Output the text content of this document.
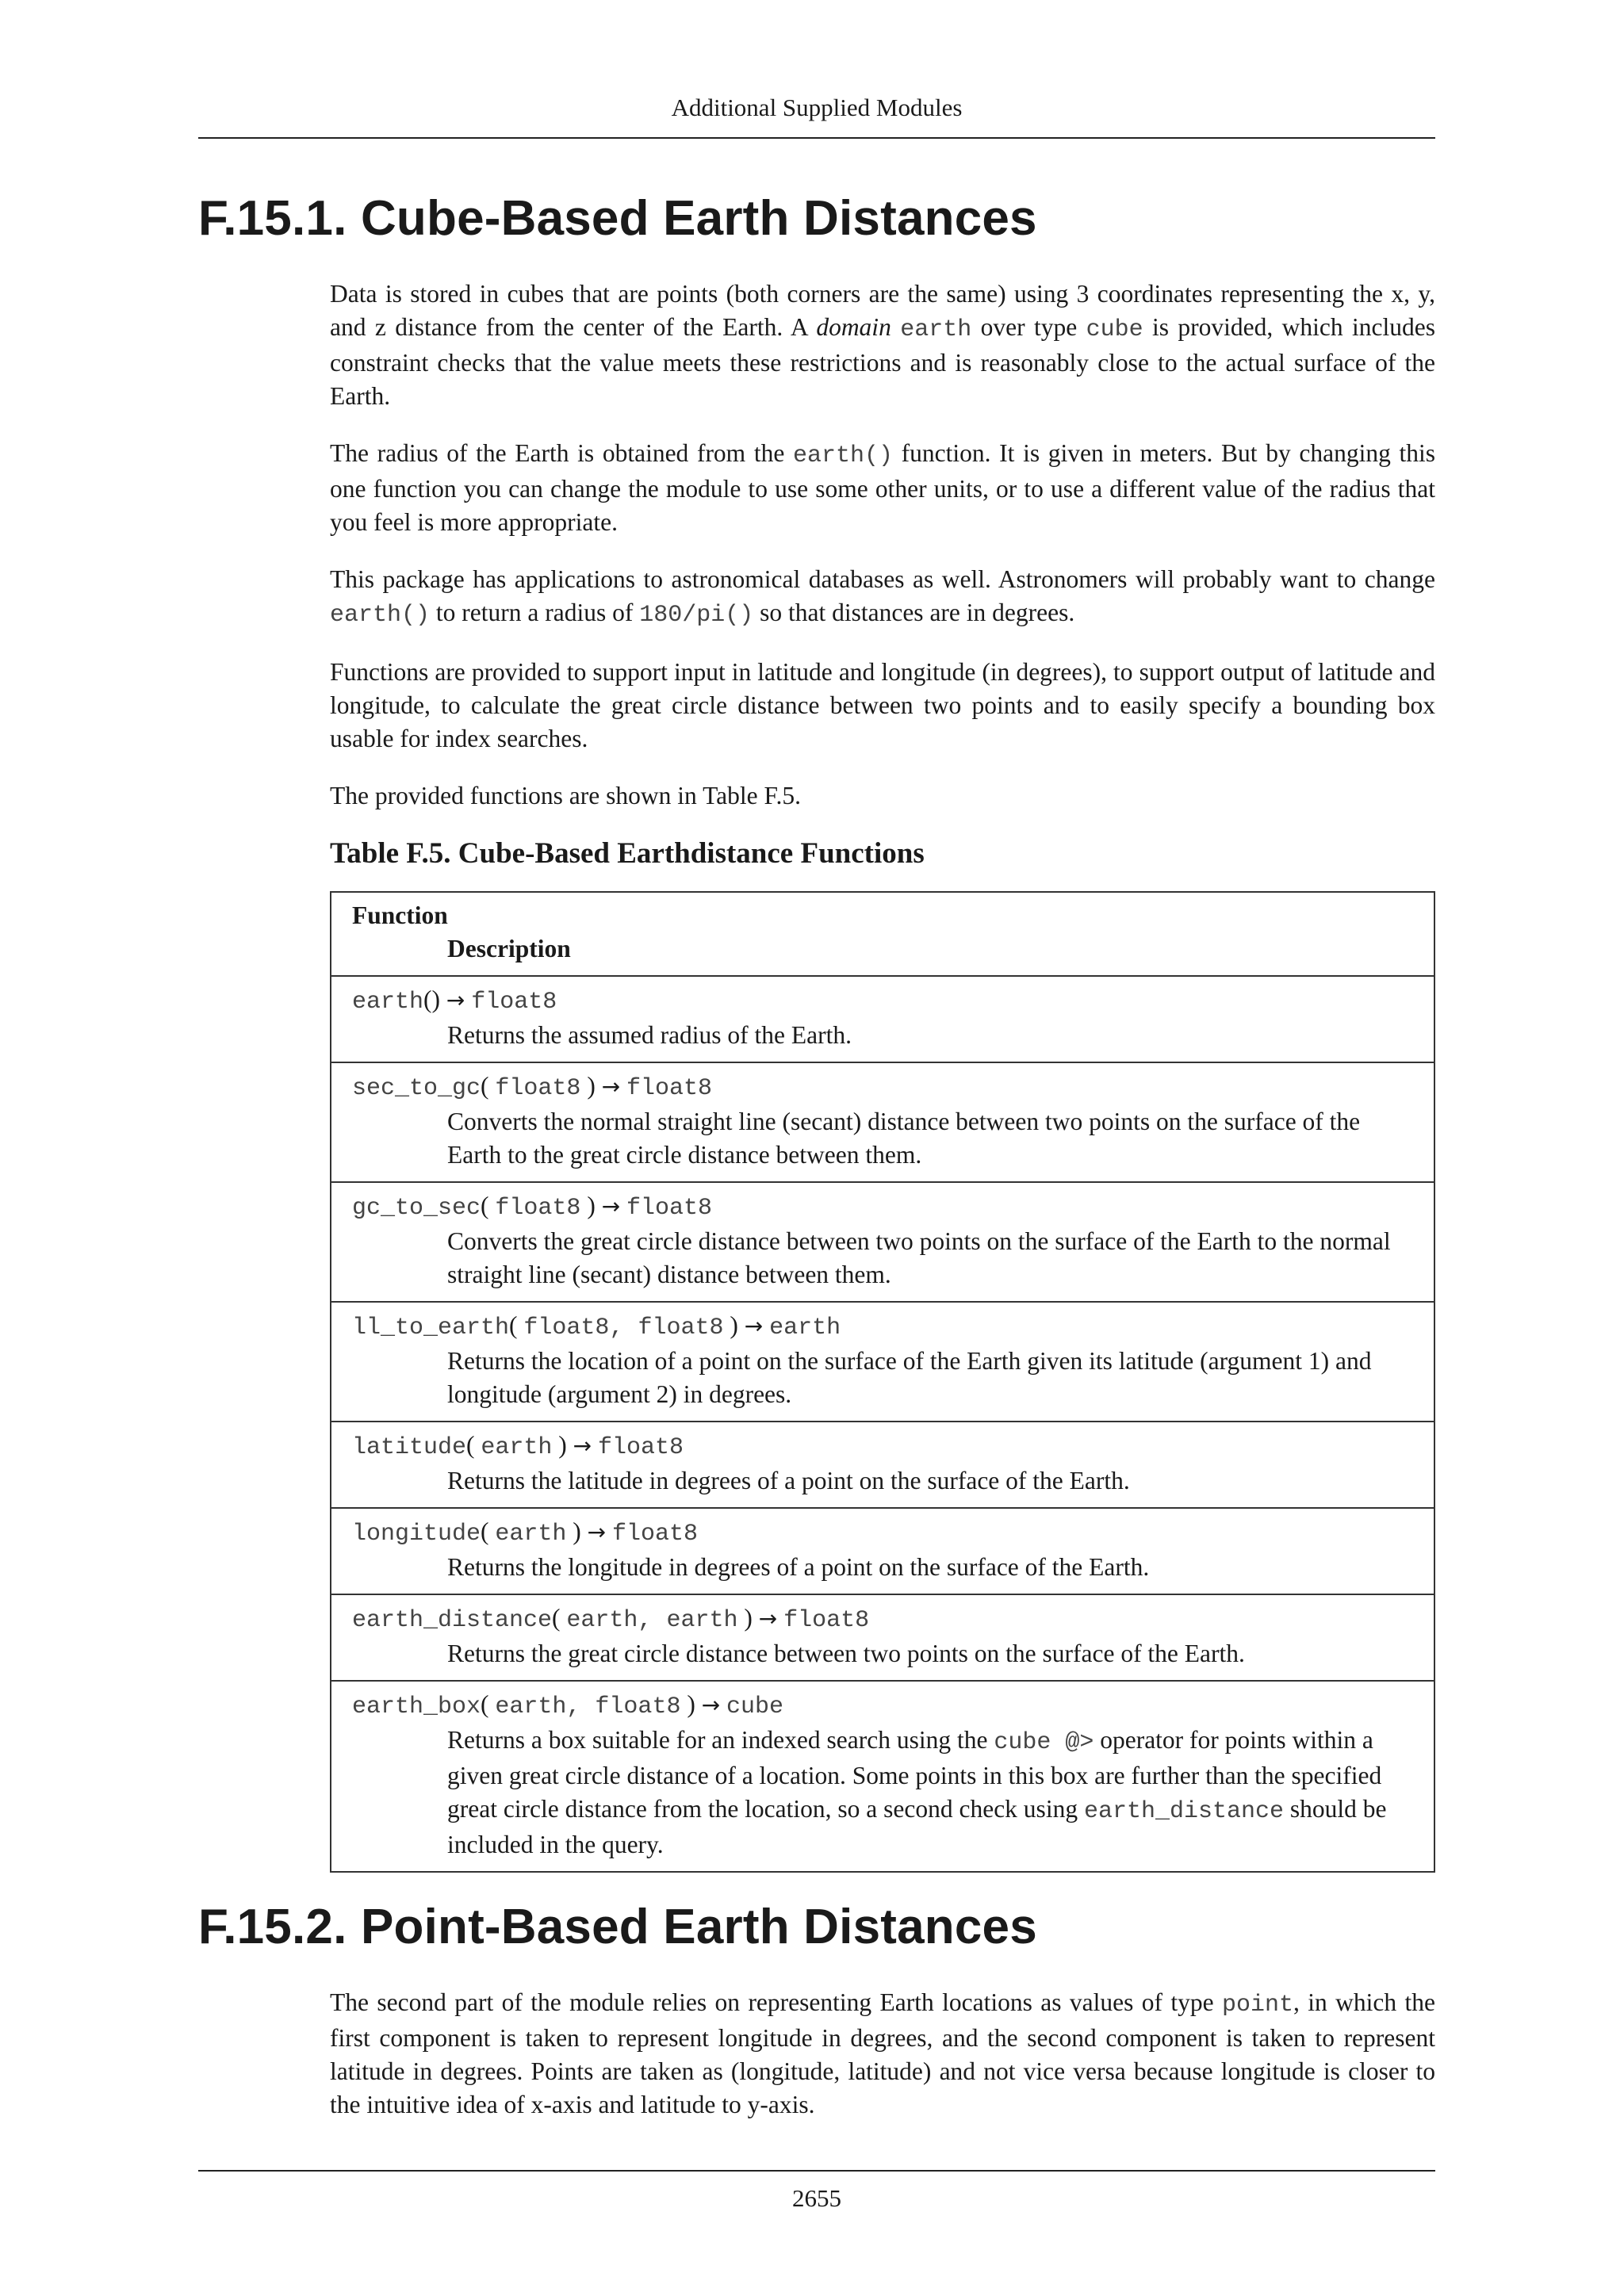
Additional Supplied Modules
F.15.1. Cube-Based Earth Distances

Data is stored in cubes that are points (both corners are the same) using 3 coordinates representing the x, y, and z distance from the center of the Earth. A domain earth over type cube is provided, which includes constraint checks that the value meets these restrictions and is reasonably close to the actual surface of the Earth.

The radius of the Earth is obtained from the earth() function. It is given in meters. But by changing this one function you can change the module to use some other units, or to use a different value of the radius that you feel is more appropriate.

This package has applications to astronomical databases as well. Astronomers will probably want to change earth() to return a radius of 180/pi() so that distances are in degrees.

Functions are provided to support input in latitude and longitude (in degrees), to support output of latitude and longitude, to calculate the great circle distance between two points and to easily specify a bounding box usable for index searches.

The provided functions are shown in Table F.5.

Table F.5. Cube-Based Earthdistance Functions
Function
Description

earth() → float8
Returns the assumed radius of the Earth.

sec_to_gc( float8 ) → float8
Converts the normal straight line (secant) distance between two points on the surface of the Earth to the great circle distance between them.

gc_to_sec( float8 ) → float8
Converts the great circle distance between two points on the surface of the Earth to the normal straight line (secant) distance between them.

ll_to_earth( float8, float8 ) → earth
Returns the location of a point on the surface of the Earth given its latitude (argument 1) and longitude (argument 2) in degrees.

latitude( earth ) → float8
Returns the latitude in degrees of a point on the surface of the Earth.

longitude( earth ) → float8
Returns the longitude in degrees of a point on the surface of the Earth.

earth_distance( earth, earth ) → float8
Returns the great circle distance between two points on the surface of the Earth.

earth_box( earth, float8 ) → cube
Returns a box suitable for an indexed search using the cube @> operator for points within a given great circle distance of a location. Some points in this box are further than the specified great circle distance from the location, so a second check using earth_distance should be included in the query.
F.15.2. Point-Based Earth Distances

The second part of the module relies on representing Earth locations as values of type point, in which the first component is taken to represent longitude in degrees, and the second component is taken to represent latitude in degrees. Points are taken as (longitude, latitude) and not vice versa because longitude is closer to the intuitive idea of x-axis and latitude to y-axis.

2655
